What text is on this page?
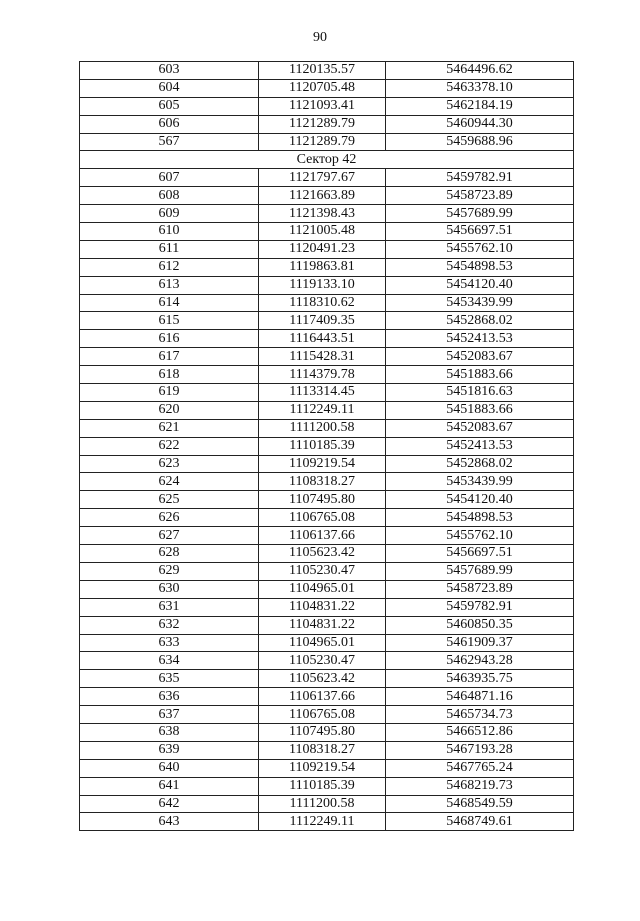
90
603	1120135.57	5464496.62
604	1120705.48	5463378.10
605	1121093.41	5462184.19
606	1121289.79	5460944.30
567	1121289.79	5459688.96
Сектор 42		
607	1121797.67	5459782.91
608	1121663.89	5458723.89
609	1121398.43	5457689.99
610	1121005.48	5456697.51
611	1120491.23	5455762.10
612	1119863.81	5454898.53
613	1119133.10	5454120.40
614	1118310.62	5453439.99
615	1117409.35	5452868.02
616	1116443.51	5452413.53
617	1115428.31	5452083.67
618	1114379.78	5451883.66
619	1113314.45	5451816.63
620	1112249.11	5451883.66
621	1111200.58	5452083.67
622	1110185.39	5452413.53
623	1109219.54	5452868.02
624	1108318.27	5453439.99
625	1107495.80	5454120.40
626	1106765.08	5454898.53
627	1106137.66	5455762.10
628	1105623.42	5456697.51
629	1105230.47	5457689.99
630	1104965.01	5458723.89
631	1104831.22	5459782.91
632	1104831.22	5460850.35
633	1104965.01	5461909.37
634	1105230.47	5462943.28
635	1105623.42	5463935.75
636	1106137.66	5464871.16
637	1106765.08	5465734.73
638	1107495.80	5466512.86
639	1108318.27	5467193.28
640	1109219.54	5467765.24
641	1110185.39	5468219.73
642	1111200.58	5468549.59
643	1112249.11	5468749.61
